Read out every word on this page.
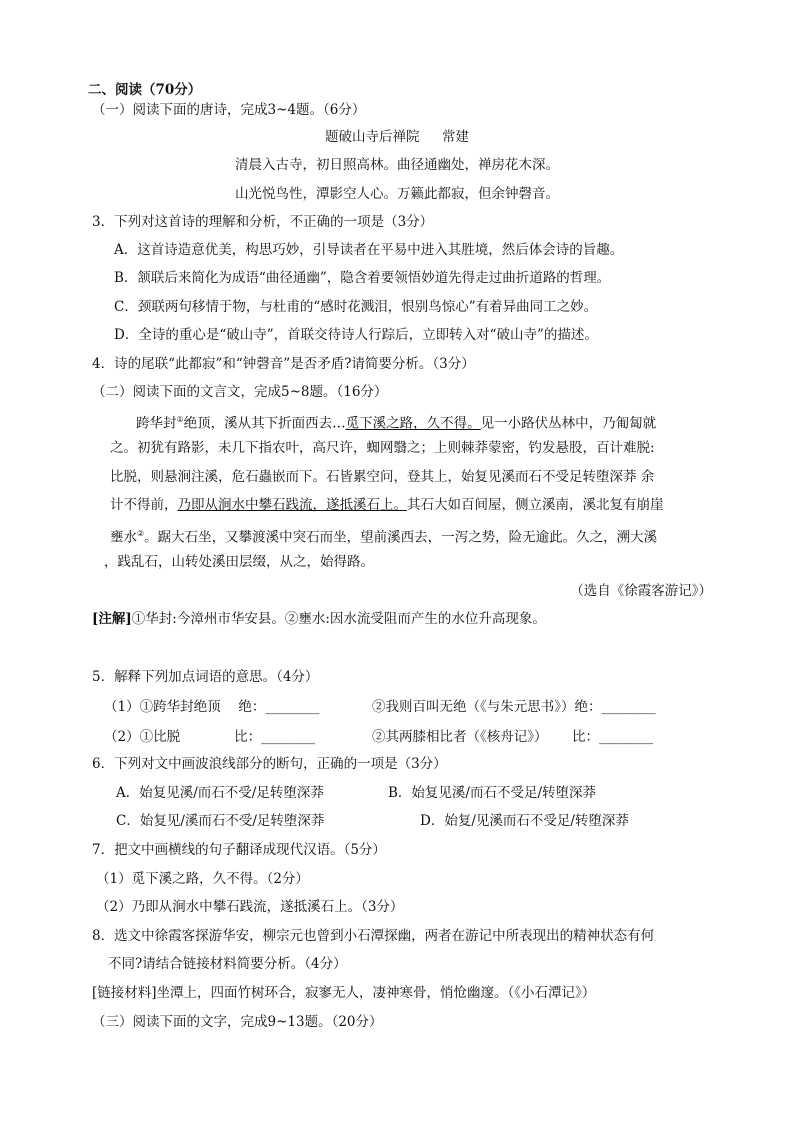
二、阅读（70分）
（一）阅读下面的唐诗，完成3~4题。（6分）
题破山寺后禅院 常建
清晨入古寺，初日照高林。曲径通幽处，禅房花木深。
山光悦鸟性，潭影空人心。万籁此都寂，但余钟磬音。
3．下列对这首诗的理解和分析，不正确的一项是（3分）
A．这首诗造意优美，构思巧妙，引导读者在平易中进入其胜境，然后体会诗的旨趣。
B．颔联后来简化为成语“曲径通幽”，隐含着要领悟妙道先得走过曲折道路的哲理。
C．颈联两句移情于物，与杜甫的“感时花溅泪，恨别鸟惊心”有着异曲同工之妙。
D．全诗的重心是“破山寺”，首联交待诗人行踪后，立即转入对“破山寺”的描述。
4．诗的尾联“此都寂”和“钟磬音”是否矛盾?请简要分析。（3分）
（二）阅读下面的文言文，完成5~8题。（16分）
跨华封①绝顶，溪从其下折面西去…觅下溪之路，久不得。见一小路伏丛林中，乃匍匐就
之。初犹有路影，未几下指农叶，高尺许，蜘网翳之；上则棘莽蒙密，钓发悬股，百计难脱:
比脱，则悬涧注溪，危石蟲嵌而下。石皆累空问，登其上，始复见溪而石不受足转堕深莽 余
计不得前，乃即从涧水中攀石践流，遂抵溪石上。其石大如百间屋，侧立溪南，溪北复有崩崖
壅水②。踞大石坐，又攀渡溪中突石而坐，望前溪西去，一泻之势，险无逾此。久之，溯大溪
，践乱石，山转处溪田层缀，从之，始得路。
（选自《徐霞客游记》）
[注解]①华封:今漳州市华安县。②壅水:因水流受阻而产生的水位升高现象。
5．解释下列加点词语的意思。（4分）
（1）①跨华封绝顶　 绝：________	②我则百叫无绝（《与朱元思书》）绝：________
（2）①比脱　　　　比：________	②其两膝相比者（《核舟记》）　　 比：________
6．下列对文中画波浪线部分的断句，正确的一项是（3分）
A．始复见溪/而石不受/足转堕深莽	B．始复见溪/而石不受足/转堕深莽
C．始复见/溪而石不受/足转堕深莽	D．始复/见溪而石不受足/转堕深莽
7．把文中画横线的句子翻译成现代汉语。（5分）
（1）觅下溪之路，久不得。（2分）
（2）乃即从涧水中攀石践流，遂抵溪石上。（3分）
8．选文中徐霞客探游华安，柳宗元也曾到小石潭探幽，两者在游记中所表现出的精神状态有何
不同?请结合链接材料简要分析。（4分）
[链接材料]坐潭上，四面竹树环合，寂寥无人，凄神寒骨，悄怆幽邃。（《小石潭记》）
（三）阅读下面的文字，完成9~13题。（20分）
